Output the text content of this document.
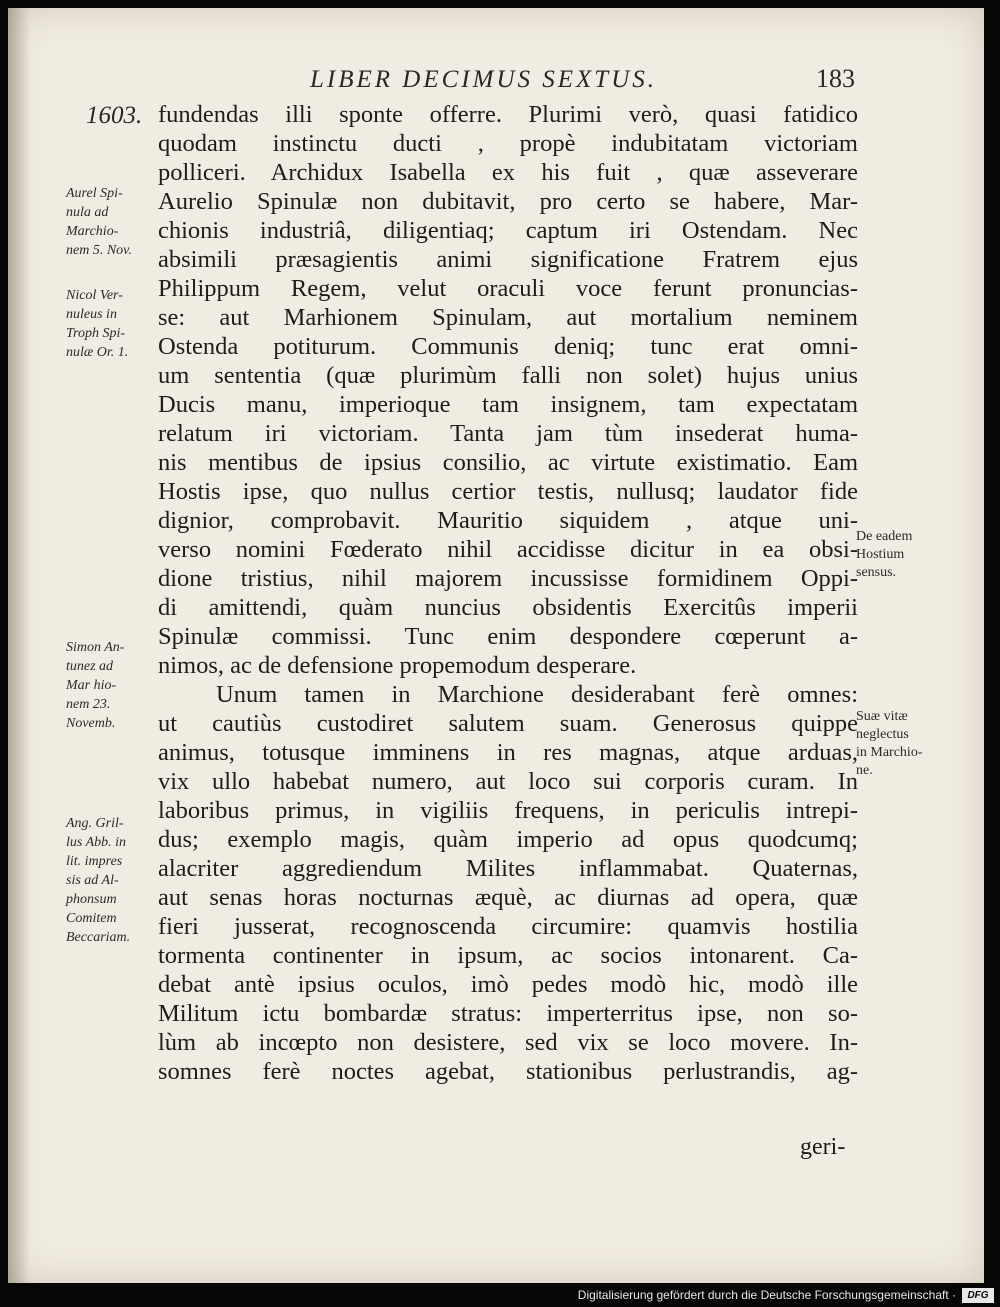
LIBER DECIMUS SEXTUS.	183
1603. fundendas illi sponte offerre. Plurimi verò, quasi fatidico
quodam instinctu ducti , propè indubitatam victoriam
polliceri. Archidux Isabella ex his fuit , quæ asseverare
Aurelio Spinulæ non dubitavit, pro certo se habere, Mar-
chionis industriâ, diligentiaq; captum iri Ostendam. Nec
absimili præsagientis animi significatione Fratrem ejus
Philippum Regem, velut oraculi voce ferunt pronuncias-
se: aut Marhionem Spinulam, aut mortalium neminem
Ostenda potiturum. Communis deniq; tunc erat omni-
um sententia (quæ plurimùm falli non solet) hujus unius
Ducis manu, imperioque tam insignem, tam expectatam
relatum iri victoriam. Tanta jam tùm insederat huma-
nis mentibus de ipsius consilio, ac virtute existimatio. Eam
Hostis ipse, quo nullus certior testis, nullusq; laudator fide
dignior, comprobavit. Mauritio siquidem , atque uni-
verso nomini Fœderato nihil accidisse dicitur in ea obsi-
dione tristius, nihil majorem incussisse formidinem Oppi-
di amittendi, quàm nuncius obsidentis Exercitûs imperii
Spinulæ commissi. Tunc enim despondere cœperunt a-
nimos, ac de defensione propemodum desperare.
Unum tamen in Marchione desiderabant ferè omnes:
ut cautiùs custodiret salutem suam. Generosus quippe
animus, totusque imminens in res magnas, atque arduas,
vix ullo habebat numero, aut loco sui corporis curam. In
laboribus primus, in vigiliis frequens, in periculis intrepi-
dus; exemplo magis, quàm imperio ad opus quodcumq;
alacriter aggrediendum Milites inflammabat. Quaternas,
aut senas horas nocturnas æquè, ac diurnas ad opera, quæ
fieri jusserat, recognoscenda circumire: quamvis hostilia
tormenta continenter in ipsum, ac socios intonarent. Ca-
debat antè ipsius oculos, imò pedes modò hic, modò ille
Militum ictu bombardæ stratus: imperterritus ipse, non so-
lùm ab incœpto non desistere, sed vix se loco movere. In-
somnes ferè noctes agebat, stationibus perlustrandis, ag-
geri-
Aurel Spi-
nula ad
Marchio-
nem 5. Nov.
Nicol Ver-
nuleus in
Troph Spi-
nulæ Or. 1.
Simon An-
tunez ad
Mar hio-
nem 23.
Novemb.
Ang. Gril-
lus Abb. in
lit. impres
sis ad Al-
phonsum
Comitem
Beccariam.
De eadem
Hostium
sensus.
Suæ vitæ
neglectus
in Marchio-
ne.
Digitalisierung gefördert durch die Deutsche Forschungsgemeinschaft ·	DFG
